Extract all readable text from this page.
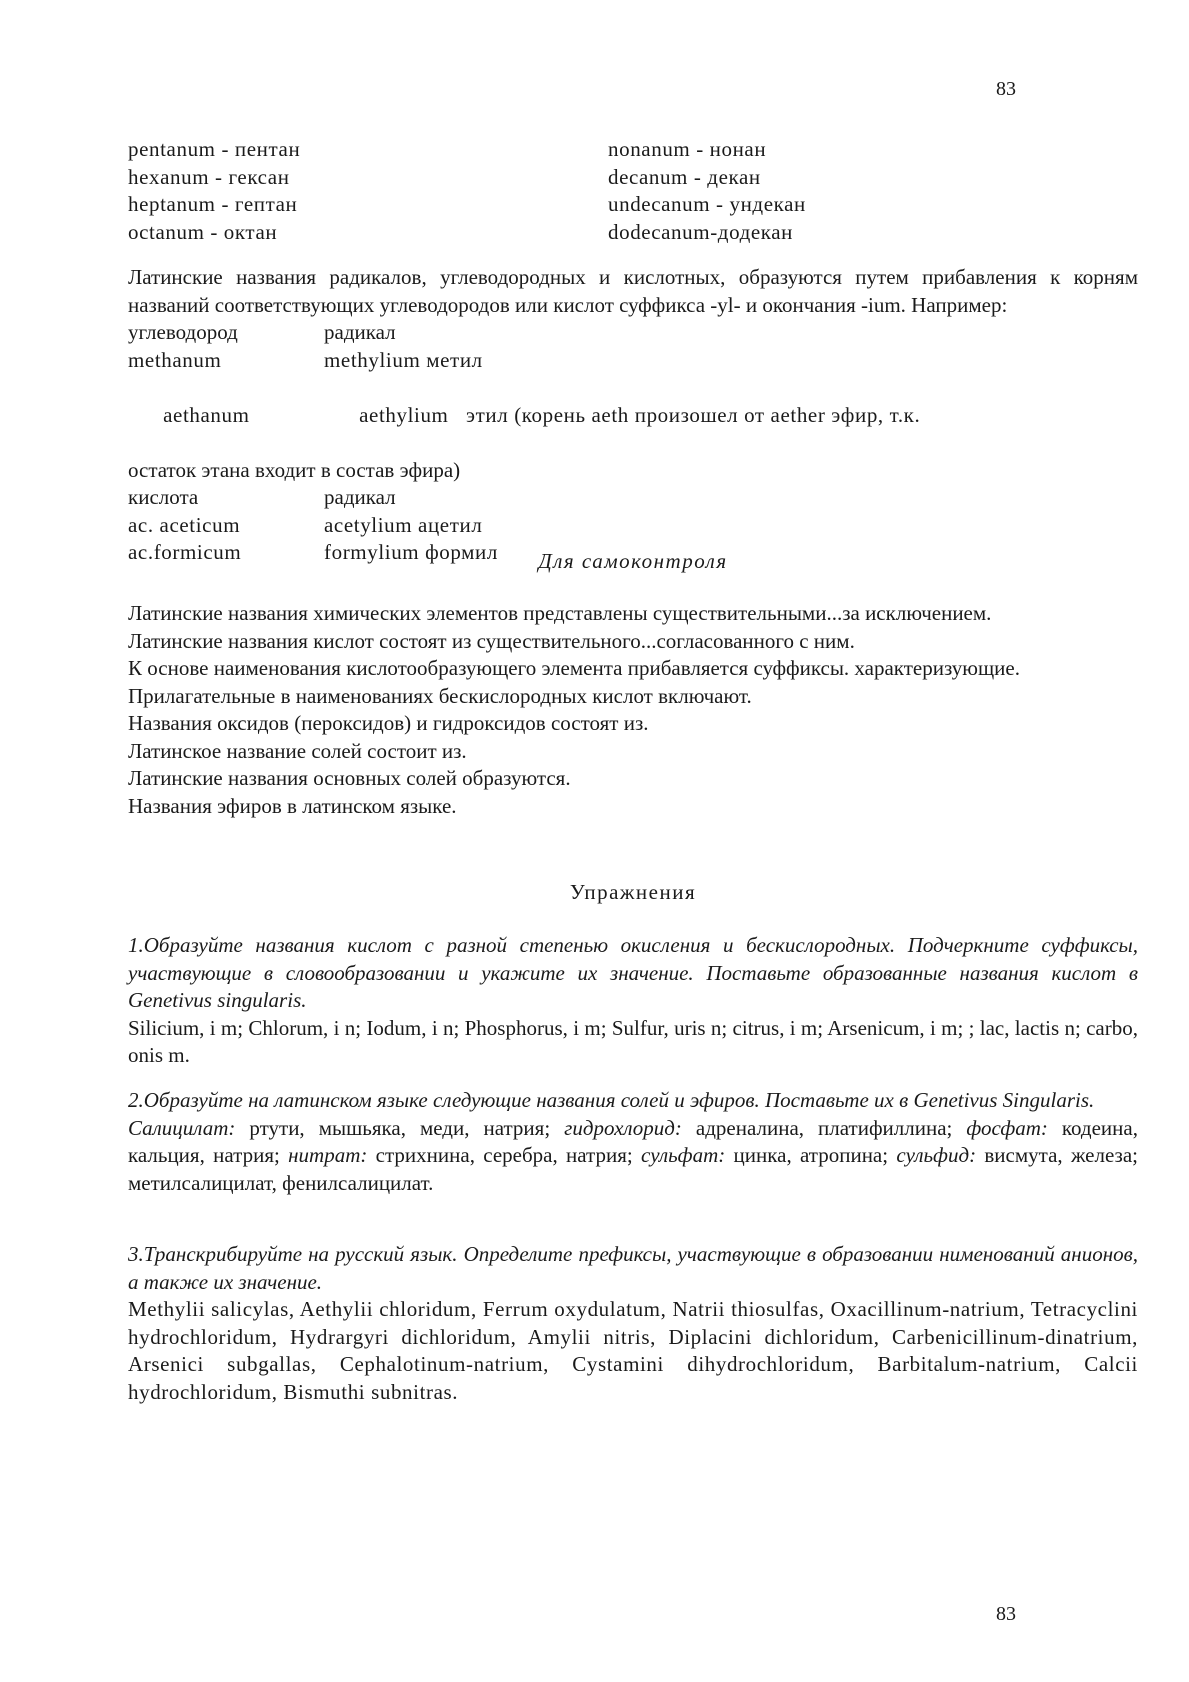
83
pentanum - пентан	nonanum - нонан
hexanum - гексан	decanum - декан
heptanum - гептан	undecanum - ундекан
octanum - октан	dodecanum-додекан
Латинские названия радикалов, углеводородных и кислотных, образуются путем прибавления к корням названий соответствующих углеводородов или кислот суффикса -yl- и окончания -ium. Например:
углеводород	радикал
methanum	methylium метил

aethanum	aethylium   этил (корень aeth произошел от aether эфир, т.к.

остаток этана входит в состав эфира)
кислота	радикал
ac. aceticum	acetylium ацетил
ac.formicum	formylium формил	Для самоконтроля
Латинские названия химических элементов представлены существительными...за исключением.
Латинские названия кислот состоят из существительного...согласованного с ним.
К основе наименования кислотообразующего элемента прибавляется суффиксы. характеризующие.
Прилагательные в наименованиях бескислородных кислот включают.
Названия оксидов (пероксидов) и гидроксидов состоят из.
Латинское название солей состоит из.
Латинские названия основных солей образуются.
Названия эфиров в латинском языке.
Упражнения
1.Образуйте названия кислот с разной степенью окисления и бескислородных. Подчеркните суффиксы, участвующие в словообразовании и укажите их значение. Поставьте образованные названия кислот в Genetivus singularis.
Silicium, i m; Chlorum, i n; Iodum, i n; Phosphorus, i m; Sulfur, uris n; citrus, i m; Arsenicum, i m; ; lac, lactis n; carbo, onis m.
2.Образуйте на латинском языке следующие названия солей и эфиров. Поставьте их в Genetivus Singularis.
Салицилат: ртути, мышьяка, меди, натрия; гидрохлорид: адреналина, платифиллина; фосфат: кодеина, кальция, натрия; нитрат: стрихнина, серебра, натрия; сульфат: цинка, атропина; сульфид: висмута, железа; метилсалицилат, фенилсалицилат.
3.Транскрибируйте на русский язык. Определите префиксы, участвующие в образовании нименований анионов, а также их значение.
Methylii salicylas, Aethylii chloridum, Ferrum oxydulatum, Natrii thiosulfas, Oxacillinum-natrium, Tetracyclini hydrochloridum, Hydrargyri dichloridum, Amylii nitris, Diplacini dichloridum, Carbenicillinum-dinatrium, Arsenici subgallas, Cephalotinum-natrium, Cystamini dihydrochloridum, Barbitalum-natrium, Calcii hydrochloridum, Bismuthi subnitras.
83
